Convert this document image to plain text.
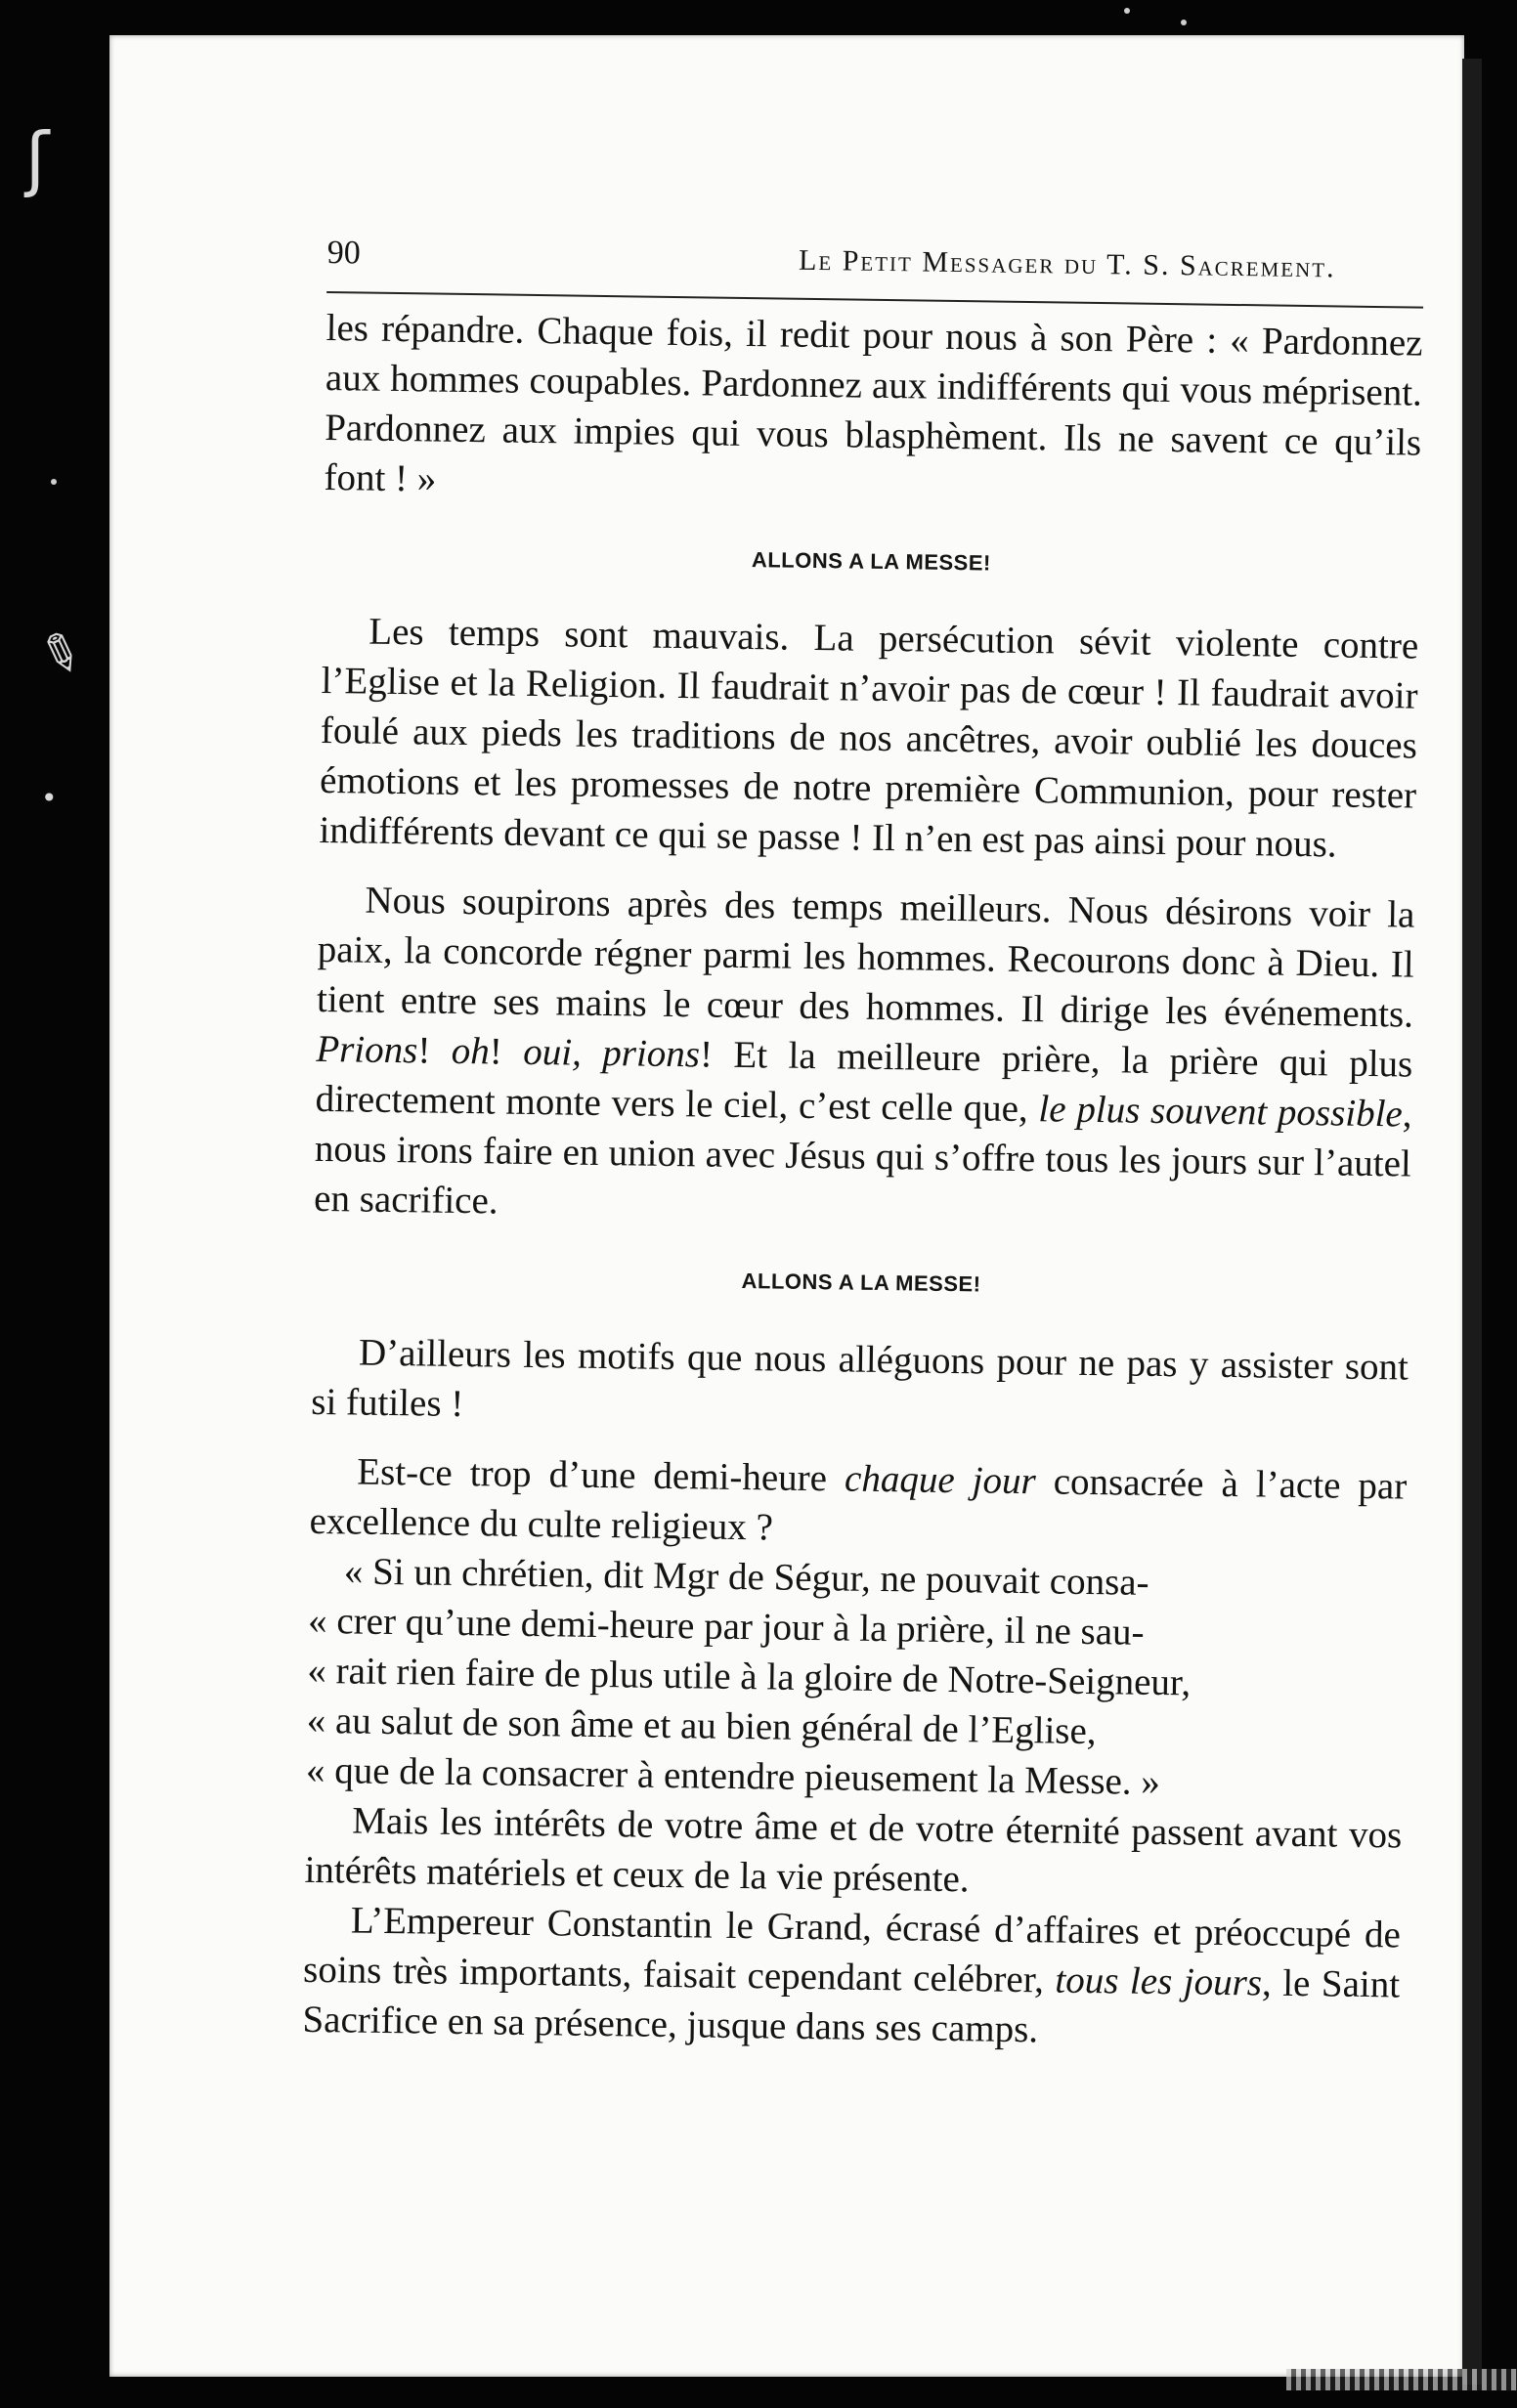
ʃ
✎
•
90	Le Petit Messager du T. S. Sacrement.

les répandre. Chaque fois, il redit pour nous à son Père : « Pardonnez aux hommes coupables. Pardonnez aux indifférents qui vous méprisent. Pardonnez aux impies qui vous blasphèment. Ils ne savent ce qu’ils font ! »

ALLONS A LA MESSE!

Les temps sont mauvais. La persécution sévit violente contre l’Eglise et la Religion. Il faudrait n’avoir pas de cœur ! Il faudrait avoir foulé aux pieds les traditions de nos ancêtres, avoir oublié les douces émotions et les promesses de notre première Communion, pour rester indifférents devant ce qui se passe ! Il n’en est pas ainsi pour nous.

Nous soupirons après des temps meilleurs. Nous désirons voir la paix, la concorde régner parmi les hommes. Recourons donc à Dieu. Il tient entre ses mains le cœur des hommes. Il dirige les événements. Prions! oh! oui, prions! Et la meilleure prière, la prière qui plus directement monte vers le ciel, c’est celle que, le plus souvent possible, nous irons faire en union avec Jésus qui s’offre tous les jours sur l’autel en sacrifice.

ALLONS A LA MESSE!

D’ailleurs les motifs que nous alléguons pour ne pas y assister sont si futiles !

Est-ce trop d’une demi-heure chaque jour consacrée à l’acte par excellence du culte religieux ?

« Si un chrétien, dit Mgr de Ségur, ne pouvait consa-

« crer qu’une demi-heure par jour à la prière, il ne sau-

« rait rien faire de plus utile à la gloire de Notre-Seigneur,

« au salut de son âme et au bien général de l’Eglise,

« que de la consacrer à entendre pieusement la Messe. »

Mais les intérêts de votre âme et de votre éternité passent avant vos intérêts matériels et ceux de la vie présente.

L’Empereur Constantin le Grand, écrasé d’affaires et préoccupé de soins très importants, faisait cependant celébrer, tous les jours, le Saint Sacrifice en sa présence, jusque dans ses camps.
